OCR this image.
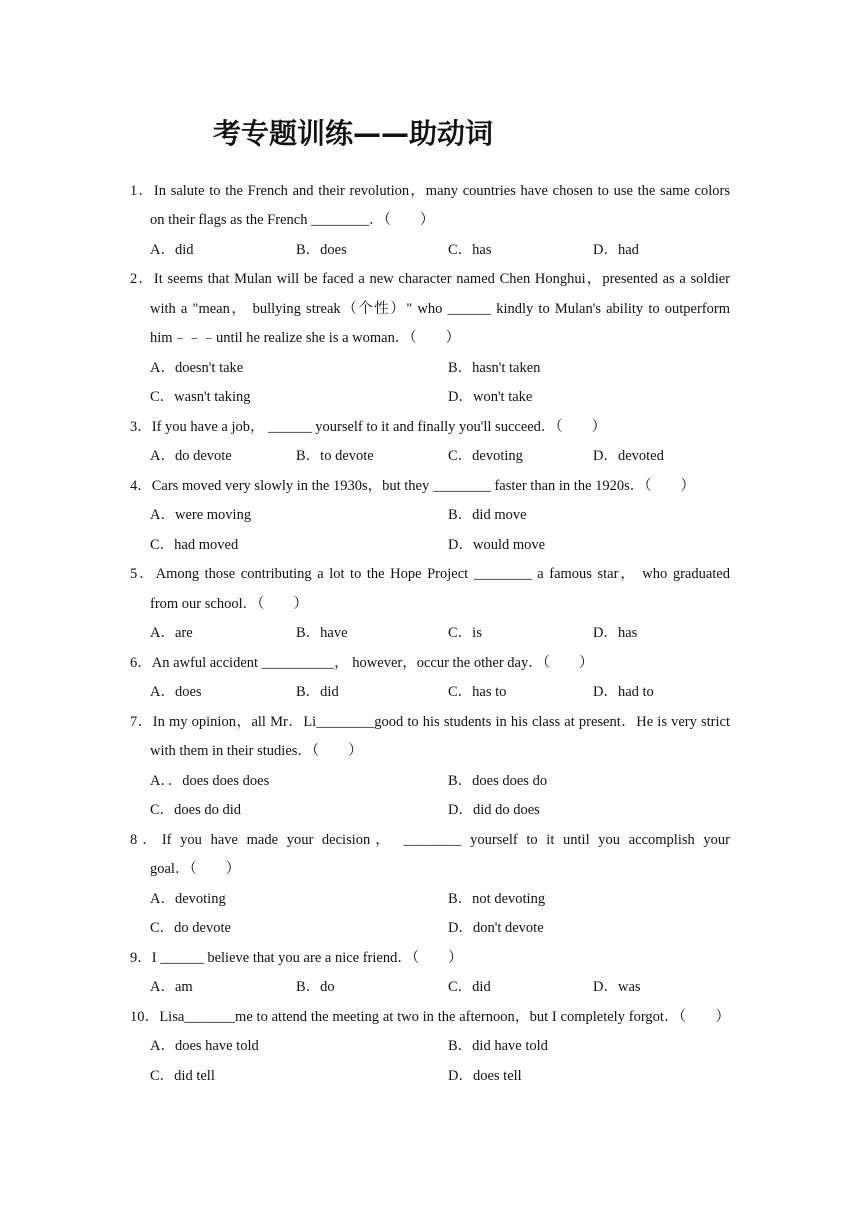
考专题训练——助动词
1．In salute to the French and their revolution，many countries have chosen to use the same colors
on their flags as the French ________．（　　）
A．did	B．does	C．has	D．had
2．It seems that Mulan will be faced a new character named Chen Honghui，presented as a soldier
with a "mean， bullying streak（个性）" who ______ kindly to Mulan's ability to outperform
him﹣﹣﹣until he realize she is a woman．（　　）
A．doesn't take	B．hasn't taken
C．wasn't taking	D．won't take
3．If you have a job， ______ yourself to it and finally you'll succeed．（　　）
A．do devote	B．to devote	C．devoting	D．devoted
4．Cars moved very slowly in the 1930s，but they ________ faster than in the 1920s．（　　）
A．were moving	B．did move
C．had moved	D．would move
5．Among those contributing a lot to the Hope Project ________ a famous star， who graduated
from our school．（　　）
A．are	B．have	C．is	D．has
6．An awful accident __________， however，occur the other day．（　　）
A．does	B．did	C．has to	D．had to
7．In my opinion，all Mr．Li________good to his students in his class at present．He is very strict
with them in their studies．（　　）
A．．does does does	B．does does do
C．does do did	D．did do does
8．If you have made your decision， ________ yourself to it until you accomplish your
goal．（　　）
A．devoting	B．not devoting
C．do devote	D．don't devote
9．I ______ believe that you are a nice friend．（　　）
A．am	B．do	C．did	D．was
10．Lisa_______me to attend the meeting at two in the afternoon，but I completely forgot．（　　）
A．does have told	B．did have told
C．did tell	D．does tell
